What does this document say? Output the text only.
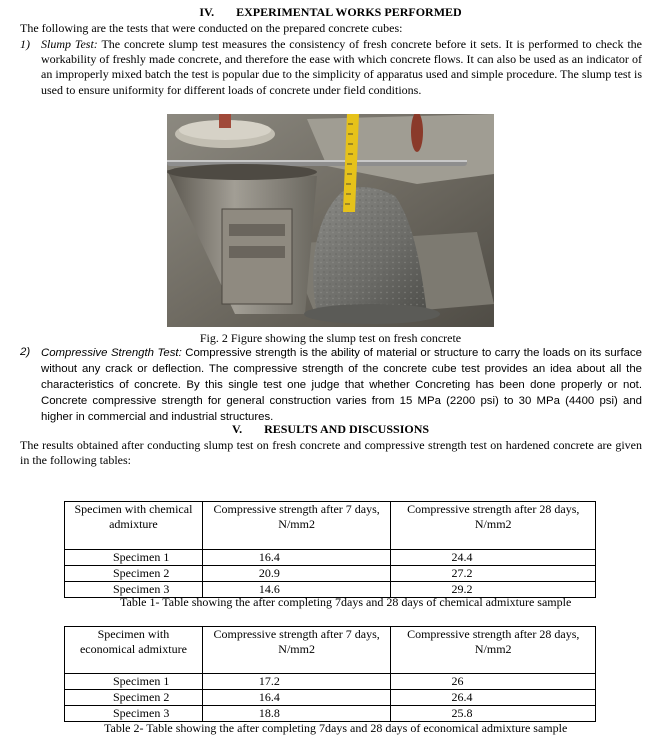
IV. EXPERIMENTAL WORKS PERFORMED
The following are the tests that were conducted on the prepared concrete cubes:
1) Slump Test: The concrete slump test measures the consistency of fresh concrete before it sets. It is performed to check the workability of freshly made concrete, and therefore the ease with which concrete flows. It can also be used as an indicator of an improperly mixed batch the test is popular due to the simplicity of apparatus used and simple procedure. The slump test is used to ensure uniformity for different loads of concrete under field conditions.
Fig. 2 Figure showing the slump test on fresh concrete
2) Compressive Strength Test: Compressive strength is the ability of material or structure to carry the loads on its surface without any crack or deflection. The compressive strength of the concrete cube test provides an idea about all the characteristics of concrete. By this single test one judge that whether Concreting has been done properly or not. Concrete compressive strength for general construction varies from 15 MPa (2200 psi) to 30 MPa (4400 psi) and higher in commercial and industrial structures.
V. RESULTS AND DISCUSSIONS
The results obtained after conducting slump test on fresh concrete and compressive strength test on hardened concrete are given in the following tables:
Specimen with chemical admixture	Compressive strength after 7 days, N/mm2	Compressive strength after 28 days, N/mm2
Specimen 1	16.4	24.4
Specimen 2	20.9	27.2
Specimen 3	14.6	29.2
Table 1- Table showing the after completing 7days and 28 days of chemical admixture sample
Specimen with economical admixture	Compressive strength after 7 days, N/mm2	Compressive strength after 28 days, N/mm2
Specimen 1	17.2	26
Specimen 2	16.4	26.4
Specimen 3	18.8	25.8
Table 2- Table showing the after completing 7days and 28 days of economical admixture sample
